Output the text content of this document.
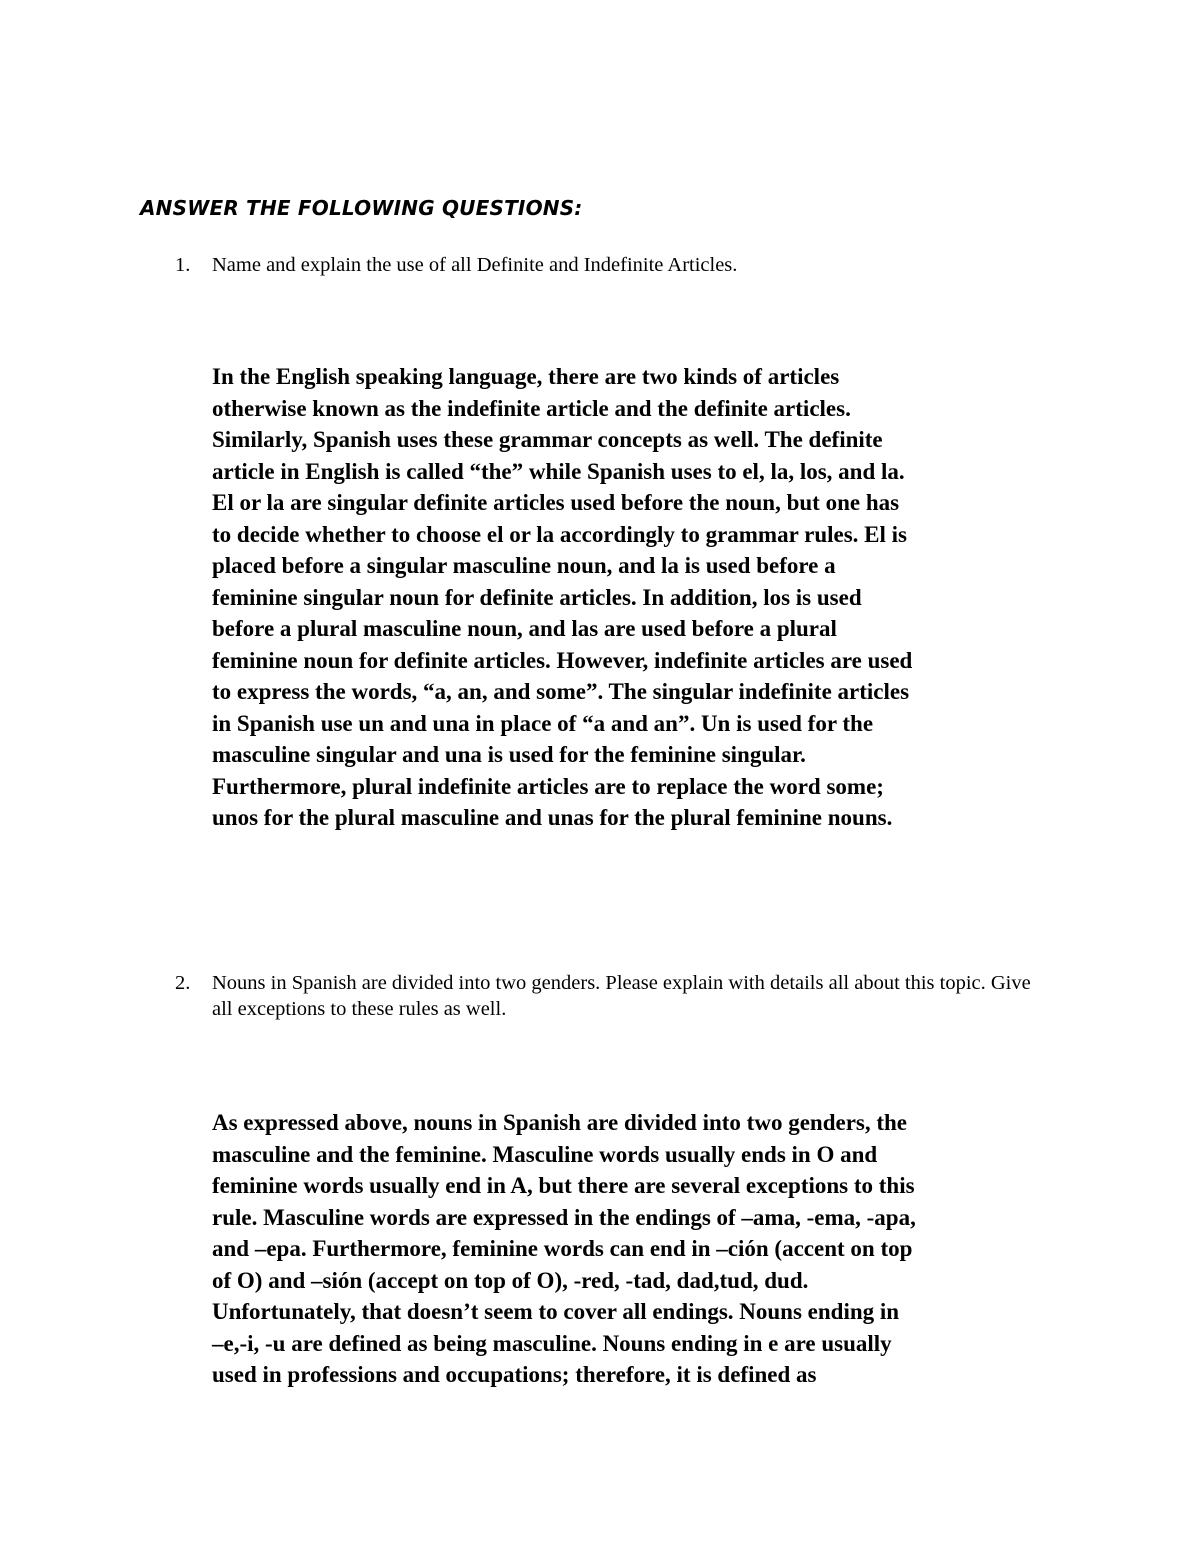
ANSWER THE FOLLOWING QUESTIONS:
1. Name and explain the use of all Definite and Indefinite Articles.
In the English speaking language, there are two kinds of articles
otherwise known as the indefinite article and the definite articles.
Similarly, Spanish uses these grammar concepts as well. The definite
article in English is called “the” while Spanish uses to el, la, los, and la.
El or la are singular definite articles used before the noun, but one has
to decide whether to choose el or la accordingly to grammar rules. El is
placed before a singular masculine noun, and la is used before a
feminine singular noun for definite articles. In addition, los is used
before a plural masculine noun, and las are used before a plural
feminine noun for definite articles. However, indefinite articles are used
to express the words, “a, an, and some”. The singular indefinite articles
in Spanish use un and una in place of “a and an”. Un is used for the
masculine singular and una is used for the feminine singular.
Furthermore, plural indefinite articles are to replace the word some;
unos for the plural masculine and unas for the plural feminine nouns.
2. Nouns in Spanish are divided into two genders. Please explain with details all about this topic. Give all exceptions to these rules as well.
As expressed above, nouns in Spanish are divided into two genders, the
masculine and the feminine. Masculine words usually ends in O and
feminine words usually end in A, but there are several exceptions to this
rule. Masculine words are expressed in the endings of –ama, -ema, -apa,
and –epa. Furthermore, feminine words can end in –ción (accent on top
of O) and –sión (accept on top of O), -red, -tad, dad,tud, dud.
Unfortunately, that doesn’t seem to cover all endings. Nouns ending in
–e,-i, -u are defined as being masculine. Nouns ending in e are usually
used in professions and occupations; therefore, it is defined as
